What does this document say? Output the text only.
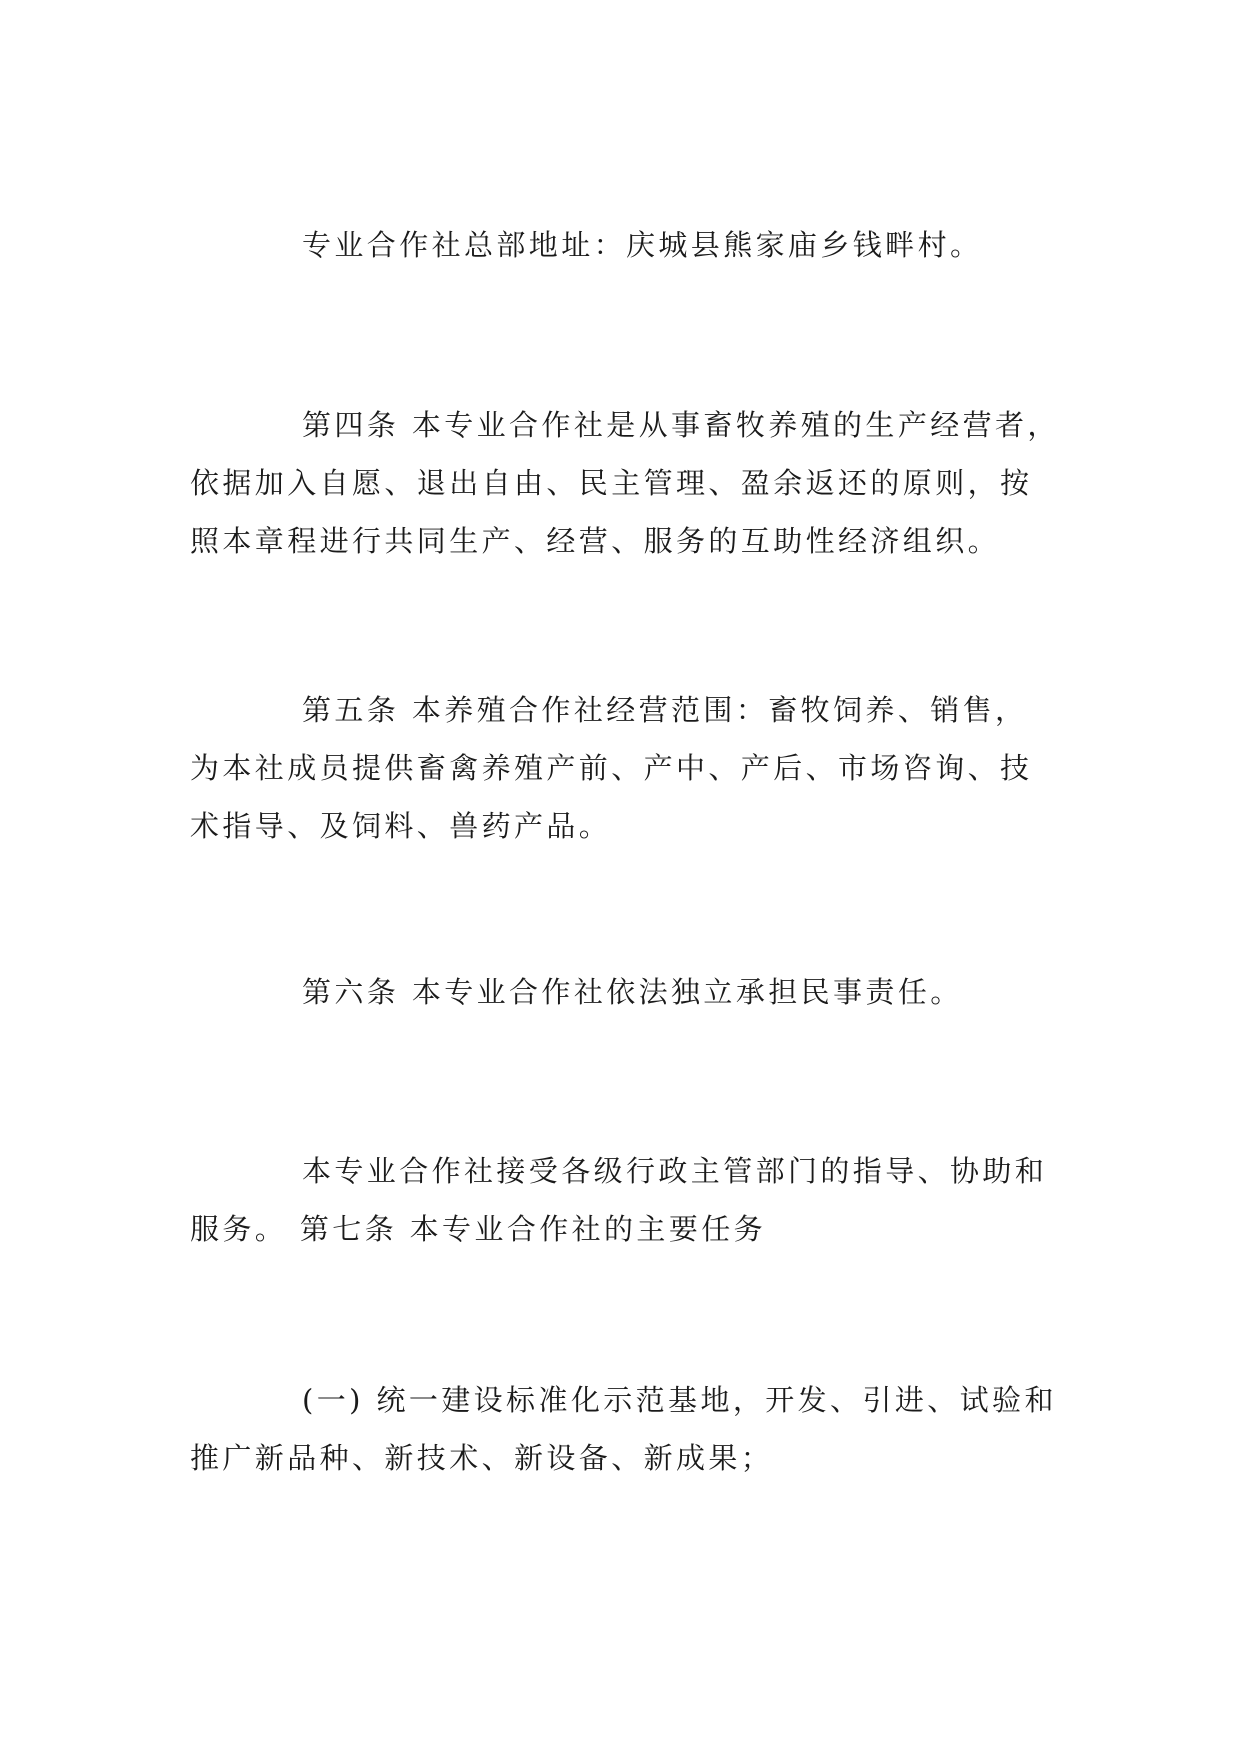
专业合作社总部地址：庆城县熊家庙乡钱畔村。

第四条 本专业合作社是从事畜牧养殖的生产经营者，
依据加入自愿、退出自由、民主管理、盈余返还的原则，按
照本章程进行共同生产、经营、服务的互助性经济组织。

第五条 本养殖合作社经营范围：畜牧饲养、销售，
为本社成员提供畜禽养殖产前、产中、产后、市场咨询、技
术指导、及饲料、兽药产品。

第六条 本专业合作社依法独立承担民事责任。

本专业合作社接受各级行政主管部门的指导、协助和
服务。 第七条 本专业合作社的主要任务

(一) 统一建设标准化示范基地，开发、引进、试验和
推广新品种、新技术、新设备、新成果；
